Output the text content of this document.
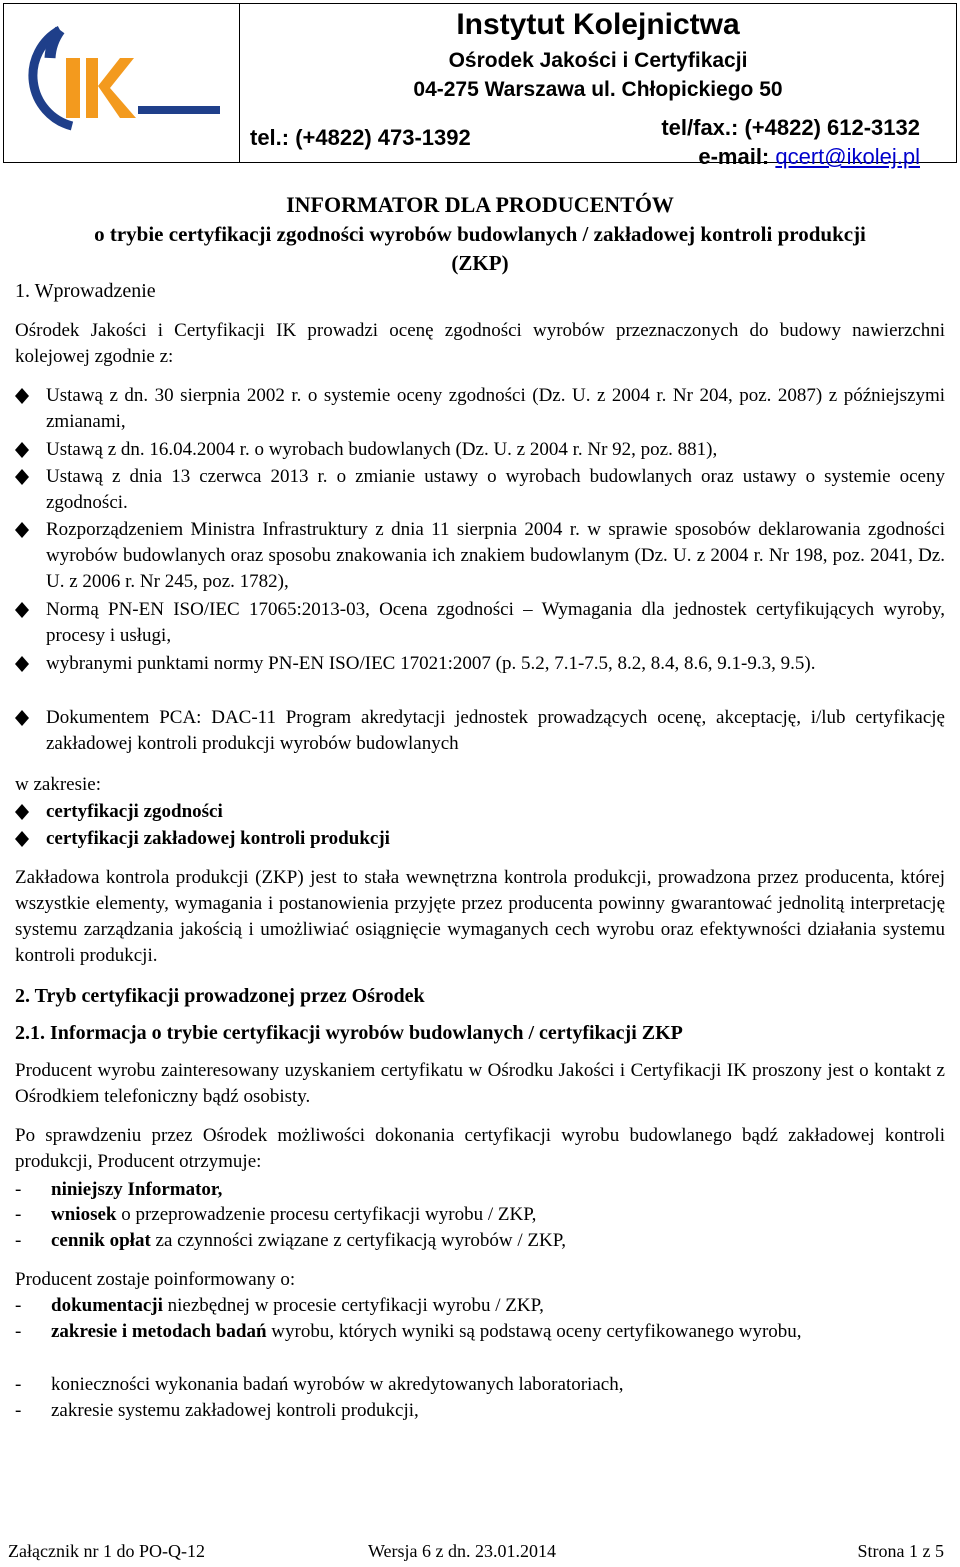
Instytut Kolejnictwa
Ośrodek Jakości i Certyfikacji
04-275 Warszawa ul. Chłopickiego 50
tel.: (+4822) 473-1392	tel/fax.: (+4822) 612-3132
e-mail: qcert@ikolej.pl
INFORMATOR DLA PRODUCENTÓW
o trybie certyfikacji zgodności wyrobów budowlanych / zakładowej kontroli produkcji
(ZKP)
1. Wprowadzenie
Ośrodek Jakości i Certyfikacji IK prowadzi ocenę zgodności wyrobów przeznaczonych do budowy nawierzchni kolejowej zgodnie z:
Ustawą z dn. 30 sierpnia 2002 r. o systemie oceny zgodności (Dz. U. z 2004 r. Nr 204, poz. 2087) z późniejszymi zmianami,
Ustawą z dn. 16.04.2004 r. o wyrobach budowlanych (Dz. U. z 2004 r. Nr 92, poz. 881),
Ustawą z dnia 13 czerwca 2013 r. o zmianie ustawy o wyrobach budowlanych oraz ustawy o systemie oceny zgodności.
Rozporządzeniem Ministra Infrastruktury z dnia 11 sierpnia 2004 r. w sprawie sposobów deklarowania zgodności wyrobów budowlanych oraz sposobu znakowania ich znakiem budowlanym (Dz. U. z 2004 r. Nr 198, poz. 2041, Dz. U. z 2006 r. Nr 245, poz. 1782),
Normą PN-EN ISO/IEC 17065:2013-03, Ocena zgodności – Wymagania dla jednostek certyfikujących wyroby, procesy i usługi,
wybranymi punktami normy PN-EN ISO/IEC 17021:2007 (p. 5.2, 7.1-7.5, 8.2, 8.4, 8.6, 9.1-9.3, 9.5).
Dokumentem PCA: DAC-11 Program akredytacji jednostek prowadzących ocenę, akceptację, i/lub certyfikację zakładowej kontroli produkcji wyrobów budowlanych
w zakresie:
certyfikacji zgodności
certyfikacji zakładowej kontroli produkcji
Zakładowa kontrola produkcji (ZKP) jest to stała wewnętrzna kontrola produkcji, prowadzona przez producenta, której wszystkie elementy, wymagania i postanowienia przyjęte przez producenta powinny gwarantować jednolitą interpretację systemu zarządzania jakością i umożliwiać osiągnięcie wymaganych cech wyrobu oraz efektywności działania systemu kontroli produkcji.
2. Tryb certyfikacji prowadzonej przez Ośrodek
2.1. Informacja o trybie certyfikacji wyrobów budowlanych / certyfikacji ZKP
Producent wyrobu zainteresowany uzyskaniem certyfikatu w Ośrodku Jakości i Certyfikacji IK proszony jest o kontakt z Ośrodkiem telefoniczny bądź osobisty.
Po sprawdzeniu przez Ośrodek możliwości dokonania certyfikacji wyrobu budowlanego bądź zakładowej kontroli produkcji, Producent otrzymuje:
- niniejszy Informator,
- wniosek o przeprowadzenie procesu certyfikacji wyrobu / ZKP,
- cennik opłat za czynności związane z certyfikacją wyrobów / ZKP,
Producent zostaje poinformowany o:
- dokumentacji niezbędnej w procesie certyfikacji wyrobu / ZKP,
- zakresie i metodach badań wyrobu, których wyniki są podstawą oceny certyfikowanego wyrobu,
- konieczności wykonania badań wyrobów w akredytowanych laboratoriach,
- zakresie systemu zakładowej kontroli produkcji,
Załącznik nr 1 do PO-Q-12	Wersja 6 z dn. 23.01.2014	Strona 1 z 5
